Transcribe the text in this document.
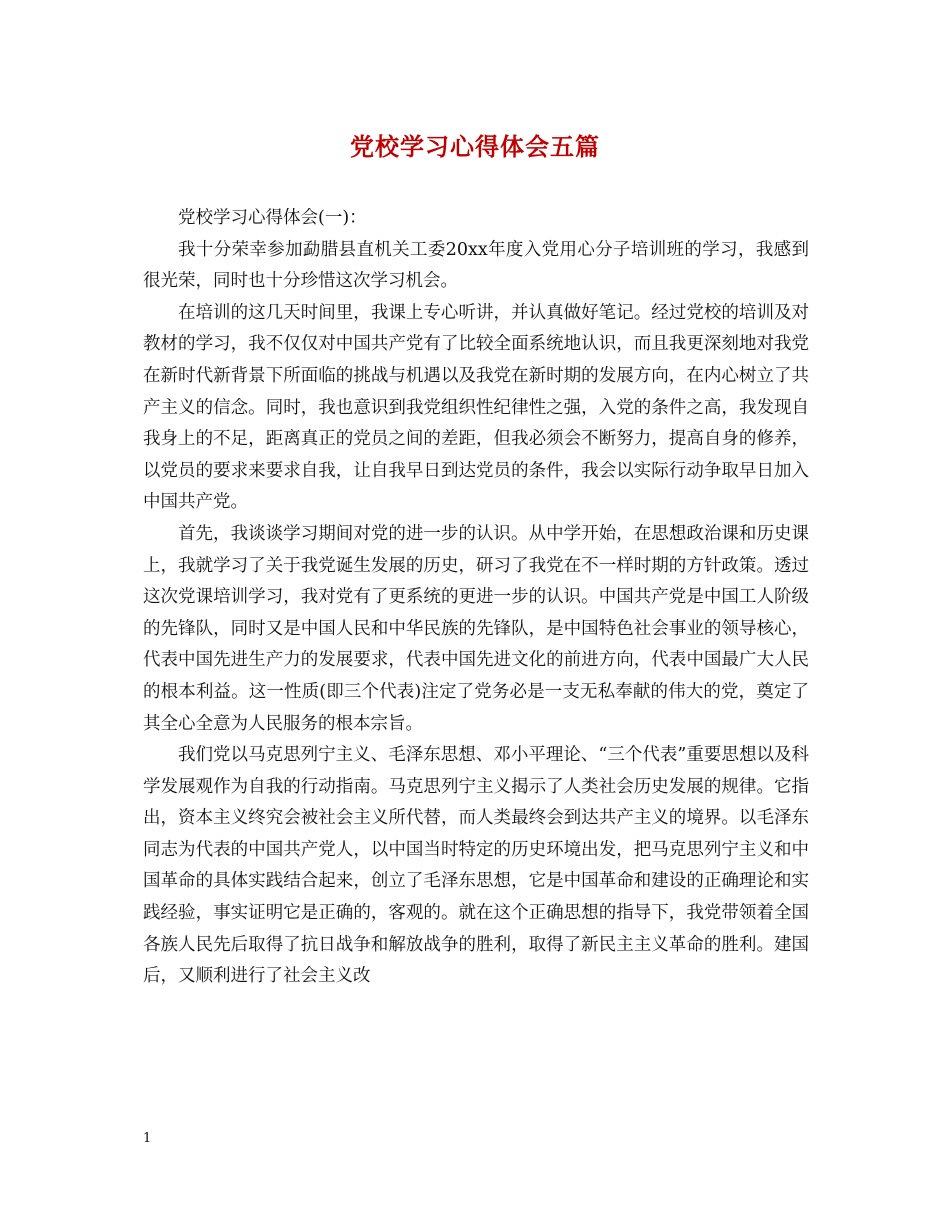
党校学习心得体会五篇

党校学习心得体会(一)：

我十分荣幸参加勐腊县直机关工委20xx年度入党用心分子培训班的学习，我感到很光荣，同时也十分珍惜这次学习机会。

在培训的这几天时间里，我课上专心听讲，并认真做好笔记。经过党校的培训及对教材的学习，我不仅仅对中国共产党有了比较全面系统地认识，而且我更深刻地对我党在新时代新背景下所面临的挑战与机遇以及我党在新时期的发展方向，在内心树立了共产主义的信念。同时，我也意识到我党组织性纪律性之强，入党的条件之高，我发现自我身上的不足，距离真正的党员之间的差距，但我必须会不断努力，提高自身的修养，以党员的要求来要求自我，让自我早日到达党员的条件，我会以实际行动争取早日加入中国共产党。

首先，我谈谈学习期间对党的进一步的认识。从中学开始，在思想政治课和历史课上，我就学习了关于我党诞生发展的历史，研习了我党在不一样时期的方针政策。透过这次党课培训学习，我对党有了更系统的更进一步的认识。中国共产党是中国工人阶级的先锋队，同时又是中国人民和中华民族的先锋队，是中国特色社会事业的领导核心，代表中国先进生产力的发展要求，代表中国先进文化的前进方向，代表中国最广大人民的根本利益。这一性质(即三个代表)注定了党务必是一支无私奉献的伟大的党，奠定了其全心全意为人民服务的根本宗旨。

我们党以马克思列宁主义、毛泽东思想、邓小平理论、“三个代表”重要思想以及科学发展观作为自我的行动指南。马克思列宁主义揭示了人类社会历史发展的规律。它指出，资本主义终究会被社会主义所代替，而人类最终会到达共产主义的境界。以毛泽东同志为代表的中国共产党人，以中国当时特定的历史环境出发，把马克思列宁主义和中国革命的具体实践结合起来，创立了毛泽东思想，它是中国革命和建设的正确理论和实践经验，事实证明它是正确的，客观的。就在这个正确思想的指导下，我党带领着全国各族人民先后取得了抗日战争和解放战争的胜利，取得了新民主主义革命的胜利。建国后，又顺利进行了社会主义改

1
